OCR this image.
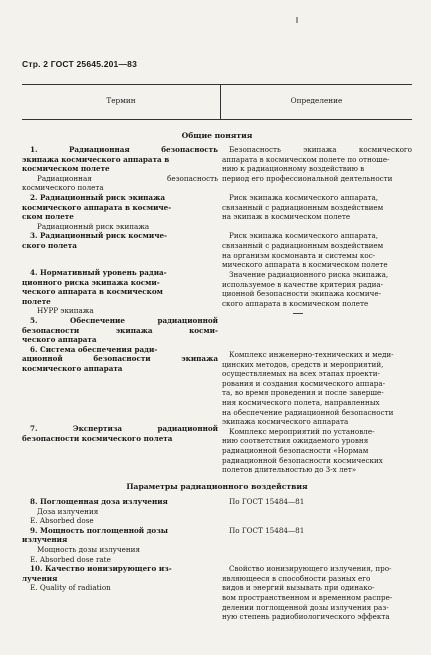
Стр. 2 ГОСТ 25645.201—83
Термин	Определение
Общие понятия
1. Радиационная безопасность
экипажа космического аппарата в
космическом полете
Радиационная безопасность
космического полета
2. Радиационный риск экипажа
космического аппарата в космиче-
ском полете
Радиационный риск экипажа
3. Радиационный риск космиче-
ского полета
4. Нормативный уровень радиа-
ционного риска экипажа косми-
ческого аппарата в космическом
полете
НУРР экипажа
5. Обеспечение радиационной
безопасности экипажа косми-
ческого аппарата
6. Система обеспечения ради-
ационной безопасности экипажа
космического аппарата
7. Экспертиза радиационной
безопасности космического полета
Безопасность экипажа космического
аппарата в космическом полете по отноше-
нию к радиационному воздействию в
период его профессиональной деятельности
Риск экипажа космического аппарата,
связанный с радиационным воздействием
на экипаж в космическом полете
Риск экипажа космического аппарата,
связанный с радиационным воздействием
на организм космонавта и системы кос-
мического аппарата в космическом полете
Значение радиационного риска экипажа,
используемое в качестве критерия радиа-
ционной безопасности экипажа космиче-
ского аппарата в космическом полете
Комплекс инженерно-технических и меди-
цинских методов, средств и мероприятий,
осуществляемых на всех этапах проекти-
рования и создания космического аппара-
та, во время проведения и после завершe-
ния космического полета, направленных
на обеспечение радиационной безопасности
экипажа космического аппарата
Комплекс мероприятий по установле-
нию соответствия ожидаемого уровня
радиационной безопасности «Нормам
радиационной безопасности космических
полетов длительностью до 3-х лет»
Параметры радиационного воздействия
8. Поглощенная доза излучения
Доза излучения
E. Absorbed dose
9. Мощность поглощенной дозы
излучения
Мощность дозы излучения
E. Absorbed dose rate
10. Качество ионизирующего из-
лучения
E. Quality of radiation
По ГОСТ 15484—81
По ГОСТ 15484—81
Свойство ионизирующего излучения, про-
являющееся в способности разных его
видов и энергий вызывать при одинако-
вом пространственном и временном распре-
делении поглощенной дозы излучения раз-
ную степень радиобиологического эффекта
